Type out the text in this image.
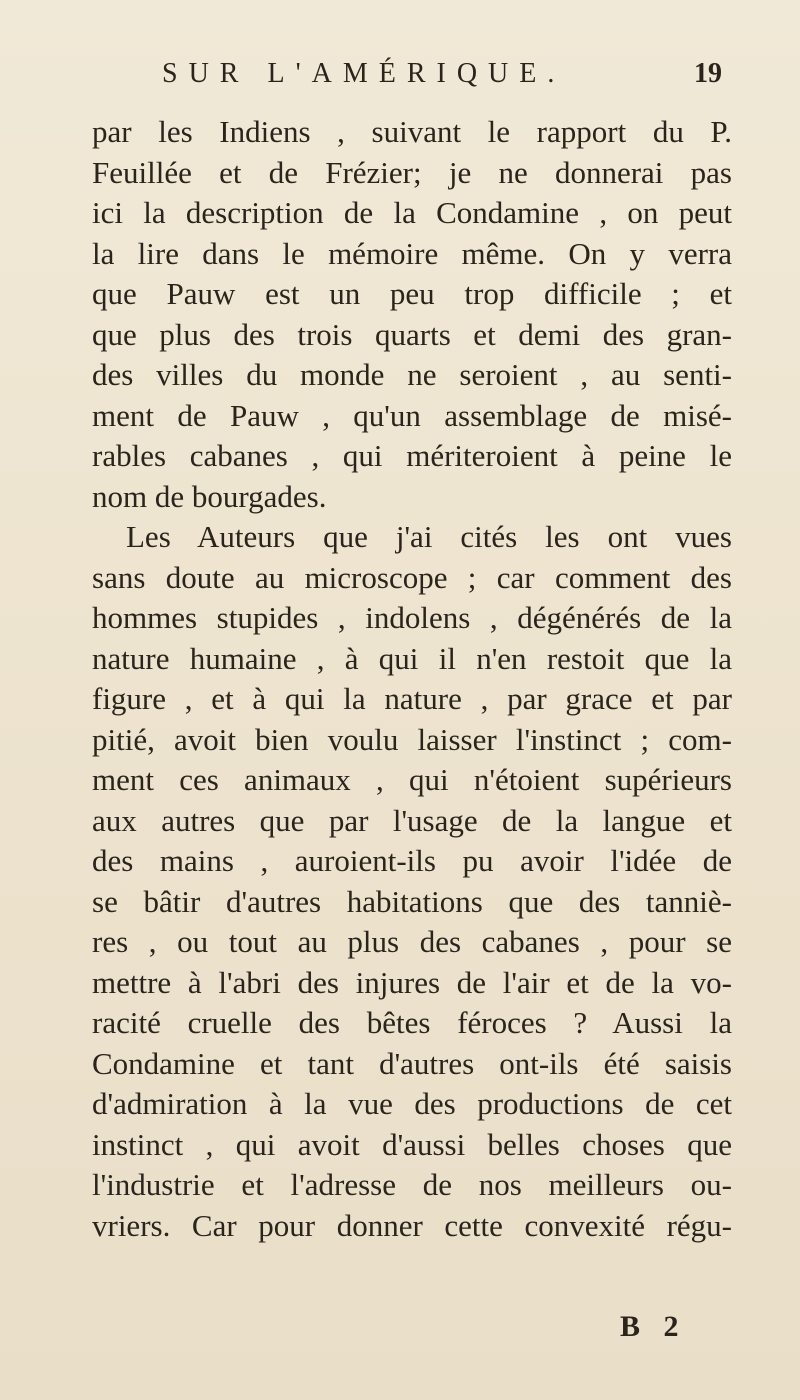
SUR L'AMÉRIQUE.	19
par les Indiens , suivant le rapport du P.
Feuillée et de Frézier; je ne donnerai pas
ici la description de la Condamine , on peut
la lire dans le mémoire même. On y verra
que Pauw est un peu trop difficile ; et
que plus des trois quarts et demi des gran-
des villes du monde ne seroient , au senti-
ment de Pauw , qu'un assemblage de misé-
rables cabanes , qui mériteroient à peine le
nom de bourgades.
Les Auteurs que j'ai cités les ont vues
sans doute au microscope ; car comment des
hommes stupides , indolens , dégénérés de la
nature humaine , à qui il n'en restoit que la
figure , et à qui la nature , par grace et par
pitié, avoit bien voulu laisser l'instinct ; com-
ment ces animaux , qui n'étoient supérieurs
aux autres que par l'usage de la langue et
des mains , auroient-ils pu avoir l'idée de
se bâtir d'autres habitations que des tanniè-
res , ou tout au plus des cabanes , pour se
mettre à l'abri des injures de l'air et de la vo-
racité cruelle des bêtes féroces ? Aussi la
Condamine et tant d'autres ont-ils été saisis
d'admiration à la vue des productions de cet
instinct , qui avoit d'aussi belles choses que
l'industrie et l'adresse de nos meilleurs ou-
vriers. Car pour donner cette convexité régu-
B 2
